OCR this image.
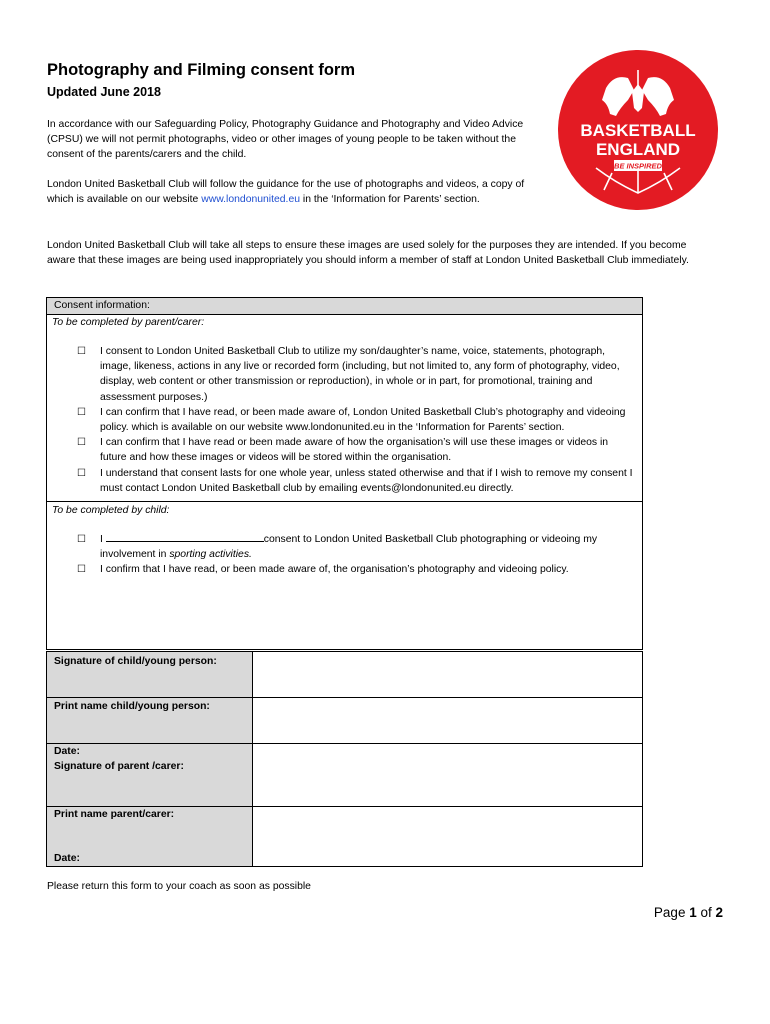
Photography and Filming consent form
Updated June 2018
In accordance with our Safeguarding Policy, Photography Guidance and Photography and Video Advice (CPSU) we will not permit photographs, video or other images of young people to be taken without the consent of the parents/carers and the child.
London United Basketball Club will follow the guidance for the use of photographs and videos, a copy of which is available on our website www.londonunited.eu in the ‘Information for Parents’ section.
London United Basketball Club will take all steps to ensure these images are used solely for the purposes they are intended. If you become aware that these images are being used inappropriately you should inform a member of staff at London United Basketball Club immediately.
BASKETBALL
ENGLAND
BE INSPIRED
Consent information:
To be completed by parent/carer:
☐ I consent to London United Basketball Club to utilize my son/daughter’s name, voice, statements, photograph, image, likeness, actions in any live or recorded form (including, but not limited to, any form of photography, video, display, web content or other transmission or reproduction), in whole or in part, for promotional, training and assessment purposes.)
☐ I can confirm that I have read, or been made aware of, London United Basketball Club’s photography and videoing policy. which is available on our website www.londonunited.eu in the ‘Information for Parents’ section.
☐ I can confirm that I have read or been made aware of how the organisation’s will use these images or videos in future and how these images or videos will be stored within the organisation.
☐ I understand that consent lasts for one whole year, unless stated otherwise and that if I wish to remove my consent I must contact London United Basketball club by emailing events@londonunited.eu directly.
To be completed by child:
☐ I	consent to London United Basketball Club photographing or videoing my involvement in sporting activities.
☐ I confirm that I have read, or been made aware of, the organisation’s photography and videoing policy.
Signature of child/young person:
Print name child/young person:
Date:
Signature of parent /carer:
Print name parent/carer:
Date:
Please return this form to your coach as soon as possible
Page 1 of 2
